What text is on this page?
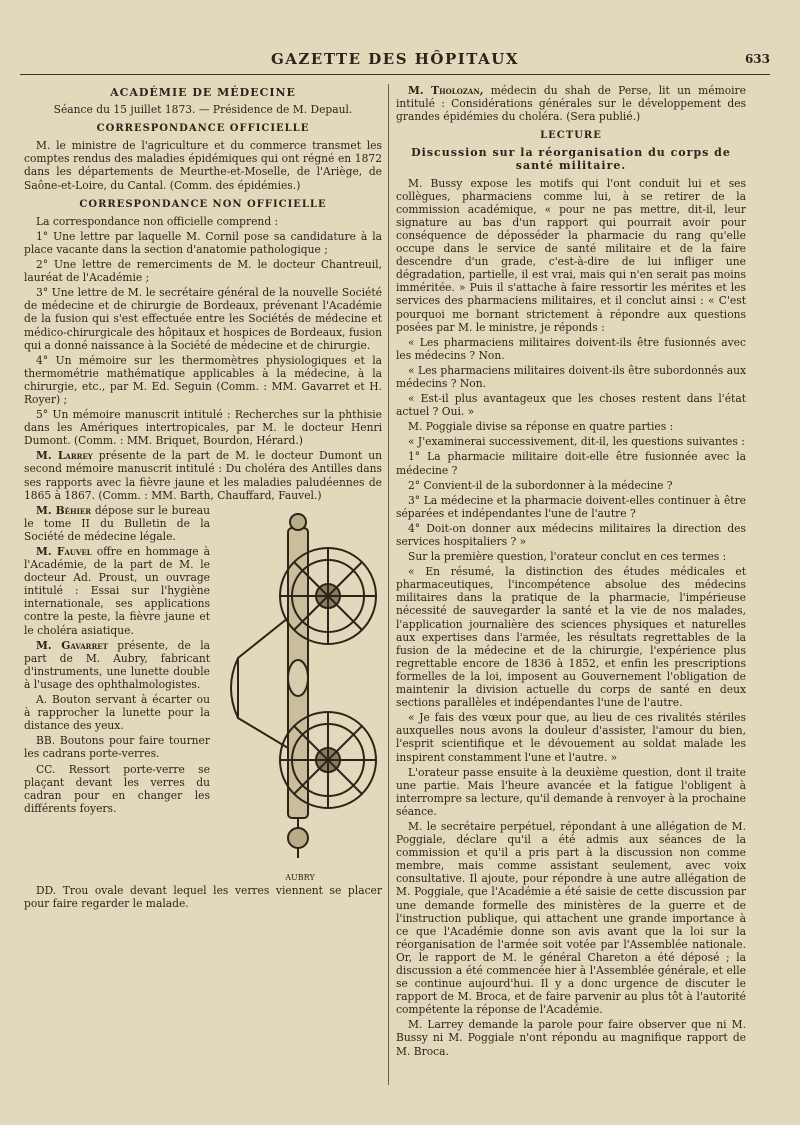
GAZETTE DES HÔPITAUX	633
ACADÉMIE DE MÉDECINE

Séance du 15 juillet 1873. — Présidence de M. Depaul.

CORRESPONDANCE OFFICIELLE

M. le ministre de l'agriculture et du commerce transmet les comptes rendus des maladies épidémiques qui ont régné en 1872 dans les départements de Meurthe-et-Moselle, de l'Ariège, de Saône-et-Loire, du Cantal. (Comm. des épidémies.)

CORRESPONDANCE NON OFFICIELLE

La correspondance non officielle comprend :

1° Une lettre par laquelle M. Cornil pose sa candidature à la place vacante dans la section d'anatomie pathologique ;

2° Une lettre de remerciments de M. le docteur Chantreuil, lauréat de l'Académie ;

3° Une lettre de M. le secrétaire général de la nouvelle Société de médecine et de chirurgie de Bordeaux, prévenant l'Académie de la fusion qui s'est effectuée entre les Sociétés de médecine et médico-chirurgicale des hôpitaux et hospices de Bordeaux, fusion qui a donné naissance à la Société de médecine et de chirurgie.

4° Un mémoire sur les thermomètres physiologiques et la thermométrie mathématique applicables à la médecine, à la chirurgie, etc., par M. Ed. Seguin (Comm. : MM. Gavarret et H. Royer) ;

5° Un mémoire manuscrit intitulé : Recherches sur la phthisie dans les Amériques intertropicales, par M. le docteur Henri Dumont. (Comm. : MM. Briquet, Bourdon, Hérard.)

M. Larrey présente de la part de M. le docteur Dumont un second mémoire manuscrit intitulé : Du choléra des Antilles dans ses rapports avec la fièvre jaune et les maladies paludéennes de 1865 à 1867. (Comm. : MM. Barth, Chauffard, Fauvel.)

AUBRY

M. Béhier dépose sur le bureau le tome II du Bulletin de la Société de médecine légale.

M. Fauvel offre en hommage à l'Académie, de la part de M. le docteur Ad. Proust, un ouvrage intitulé : Essai sur l'hygiène internationale, ses applications contre la peste, la fièvre jaune et le choléra asiatique.

M. Gavarret présente, de la part de M. Aubry, fabricant d'instruments, une lunette double à l'usage des ophthalmologistes.

A. Bouton servant à écarter ou à rapprocher la lunette pour la distance des yeux.

BB. Boutons pour faire tourner les cadrans porte-verres.

CC. Ressort porte-verre se plaçant devant les verres du cadran pour en changer les différents foyers.

DD. Trou ovale devant lequel les verres viennent se placer pour faire regarder le malade.

M. Tholozan, médecin du shah de Perse, lit un mémoire intitulé : Considérations générales sur le développement des grandes épidémies du choléra. (Sera publié.)

LECTURE
Discussion sur la réorganisation du corps de santé militaire.

M. Bussy expose les motifs qui l'ont conduit lui et ses collègues, pharmaciens comme lui, à se retirer de la commission académique, « pour ne pas mettre, dit-il, leur signature au bas d'un rapport qui pourrait avoir pour conséquence de déposséder la pharmacie du rang qu'elle occupe dans le service de santé militaire et de la faire descendre d'un grade, c'est-à-dire de lui infliger une dégradation, partielle, il est vrai, mais qui n'en serait pas moins imméritée. » Puis il s'attache à faire ressortir les mérites et les services des pharmaciens militaires, et il conclut ainsi : « C'est pourquoi me bornant strictement à répondre aux questions posées par M. le ministre, je réponds :

« Les pharmaciens militaires doivent-ils être fusionnés avec les médecins ? Non.

« Les pharmaciens militaires doivent-ils être subordonnés aux médecins ? Non.

« Est-il plus avantageux que les choses restent dans l'état actuel ? Oui. »

M. Poggiale divise sa réponse en quatre parties :

« J'examinerai successivement, dit-il, les questions suivantes :

1° La pharmacie militaire doit-elle être fusionnée avec la médecine ?

2° Convient-il de la subordonner à la médecine ?

3° La médecine et la pharmacie doivent-elles continuer à être séparées et indépendantes l'une de l'autre ?

4° Doit-on donner aux médecins militaires la direction des services hospitaliers ? »

Sur la première question, l'orateur conclut en ces termes :

« En résumé, la distinction des études médicales et pharmaceutiques, l'incompétence absolue des médecins militaires dans la pratique de la pharmacie, l'impérieuse nécessité de sauvegarder la santé et la vie de nos malades, l'application journalière des sciences physiques et naturelles aux expertises dans l'armée, les résultats regrettables de la fusion de la médecine et de la chirurgie, l'expérience plus regrettable encore de 1836 à 1852, et enfin les prescriptions formelles de la loi, imposent au Gouvernement l'obligation de maintenir la division actuelle du corps de santé en deux sections parallèles et indépendantes l'une de l'autre.

« Je fais des vœux pour que, au lieu de ces rivalités stériles auxquelles nous avons la douleur d'assister, l'amour du bien, l'esprit scientifique et le dévouement au soldat malade les inspirent constamment l'une et l'autre. »

L'orateur passe ensuite à la deuxième question, dont il traite une partie. Mais l'heure avancée et la fatigue l'obligent à interrompre sa lecture, qu'il demande à renvoyer à la prochaine séance.

M. le secrétaire perpétuel, répondant à une allégation de M. Poggiale, déclare qu'il a été admis aux séances de la commission et qu'il a pris part à la discussion non comme membre, mais comme assistant seulement, avec voix consultative. Il ajoute, pour répondre à une autre allégation de M. Poggiale, que l'Académie a été saisie de cette discussion par une demande formelle des ministères de la guerre et de l'instruction publique, qui attachent une grande importance à ce que l'Académie donne son avis avant que la loi sur la réorganisation de l'armée soit votée par l'Assemblée nationale. Or, le rapport de M. le général Chareton a été déposé ; la discussion a été commencée hier à l'Assemblée générale, et elle se continue aujourd'hui. Il y a donc urgence de discuter le rapport de M. Broca, et de faire parvenir au plus tôt à l'autorité compétente la réponse de l'Académie.

M. Larrey demande la parole pour faire observer que ni M. Bussy ni M. Poggiale n'ont répondu au magnifique rapport de M. Broca.
